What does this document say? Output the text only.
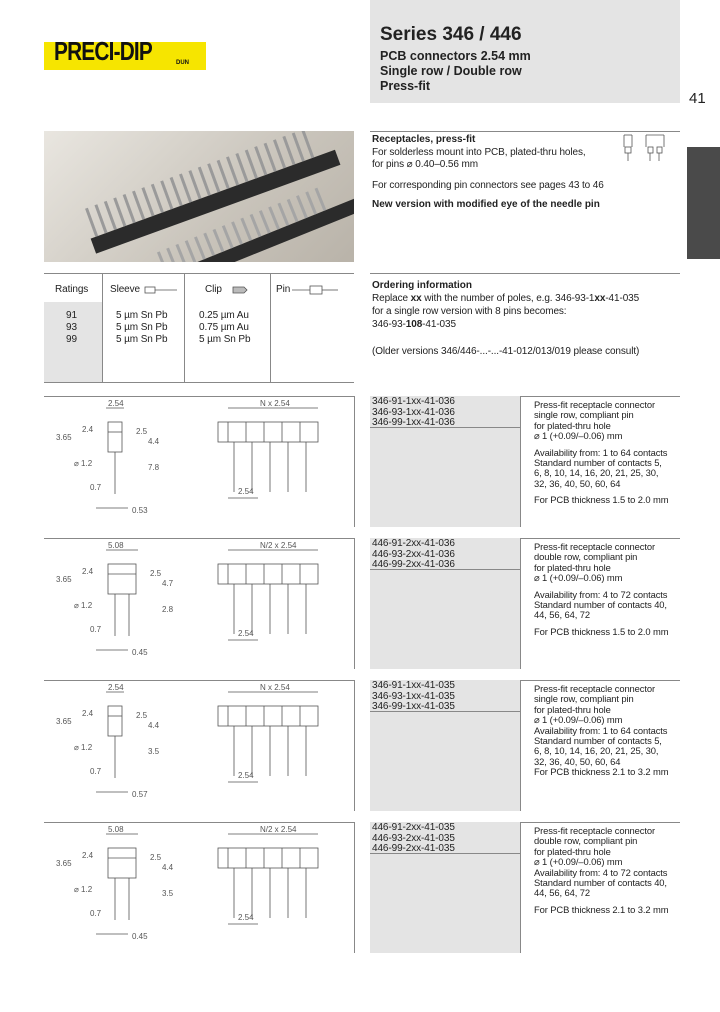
PRECI-DIP	DUN
Series 346 / 446
PCB connectors 2.54 mm
Single row / Double row
Press-fit
41
Receptacles, press-fit
For solderless mount into PCB, plated-thru holes,
for pins ⌀ 0.40–0.56 mm
For corresponding pin connectors see pages 43 to 46
New version with modified eye of the needle pin
Ratings Sleeve	Clip	Pin
91	5 µm Sn Pb	0.25 µm Au
93	5 µm Sn Pb	0.75 µm Au
99	5 µm Sn Pb	5 µm Sn Pb
Ordering information
Replace xx with the number of poles, e.g. 346-93-1xx-41-035
for a single row version with 8 pins becomes:
346-93-108-41-035
(Older versions 346/446-...-...-41-012/013/019 please consult)
346-91-1xx-41-036
346-93-1xx-41-036
346-99-1xx-41-036
Press-fit receptacle connector
single row, compliant pin
for plated-thru hole
⌀ 1 (+0.09/–0.06) mm
Availability from: 1 to 64 contacts
Standard number of contacts 5,
6, 8, 10, 14, 16, 20, 21, 25, 30,
32, 36, 40, 50, 60, 64
For PCB thickness 1.5 to 2.0 mm
2.54
3.65
2.4	2.5
4.4
⌀ 1.2	7.8
0.7
0.53
N x 2.54
2.54
446-91-2xx-41-036
446-93-2xx-41-036
446-99-2xx-41-036
Press-fit receptacle connector
double row, compliant pin
for plated-thru hole
⌀ 1 (+0.09/–0.06) mm
Availability from: 4 to 72 contacts
Standard number of contacts 40,
44, 56, 64, 72
For PCB thickness 1.5 to 2.0 mm
5.08
3.65
2.4	2.5
4.7
⌀ 1.2	2.8
0.7
0.45
N/2 x 2.54
2.54
346-91-1xx-41-035
346-93-1xx-41-035
346-99-1xx-41-035
Press-fit receptacle connector
single row, compliant pin
for plated-thru hole
⌀ 1 (+0.09/–0.06) mm
Availability from: 1 to 64 contacts
Standard number of contacts 5,
6, 8, 10, 14, 16, 20, 21, 25, 30,
32, 36, 40, 50, 60, 64
For PCB thickness 2.1 to 3.2 mm
2.54
3.65
2.4	2.5
4.4
⌀ 1.2	3.5
0.7
0.57
N x 2.54
2.54
446-91-2xx-41-035
446-93-2xx-41-035
446-99-2xx-41-035
Press-fit receptacle connector
double row, compliant pin
for plated-thru hole
⌀ 1 (+0.09/–0.06) mm
Availability from: 4 to 72 contacts
Standard number of contacts 40,
44, 56, 64, 72
For PCB thickness 2.1 to 3.2 mm
5.08
3.65
2.4	2.5
4.4
⌀ 1.2	3.5
0.7
0.45
N/2 x 2.54
2.54
